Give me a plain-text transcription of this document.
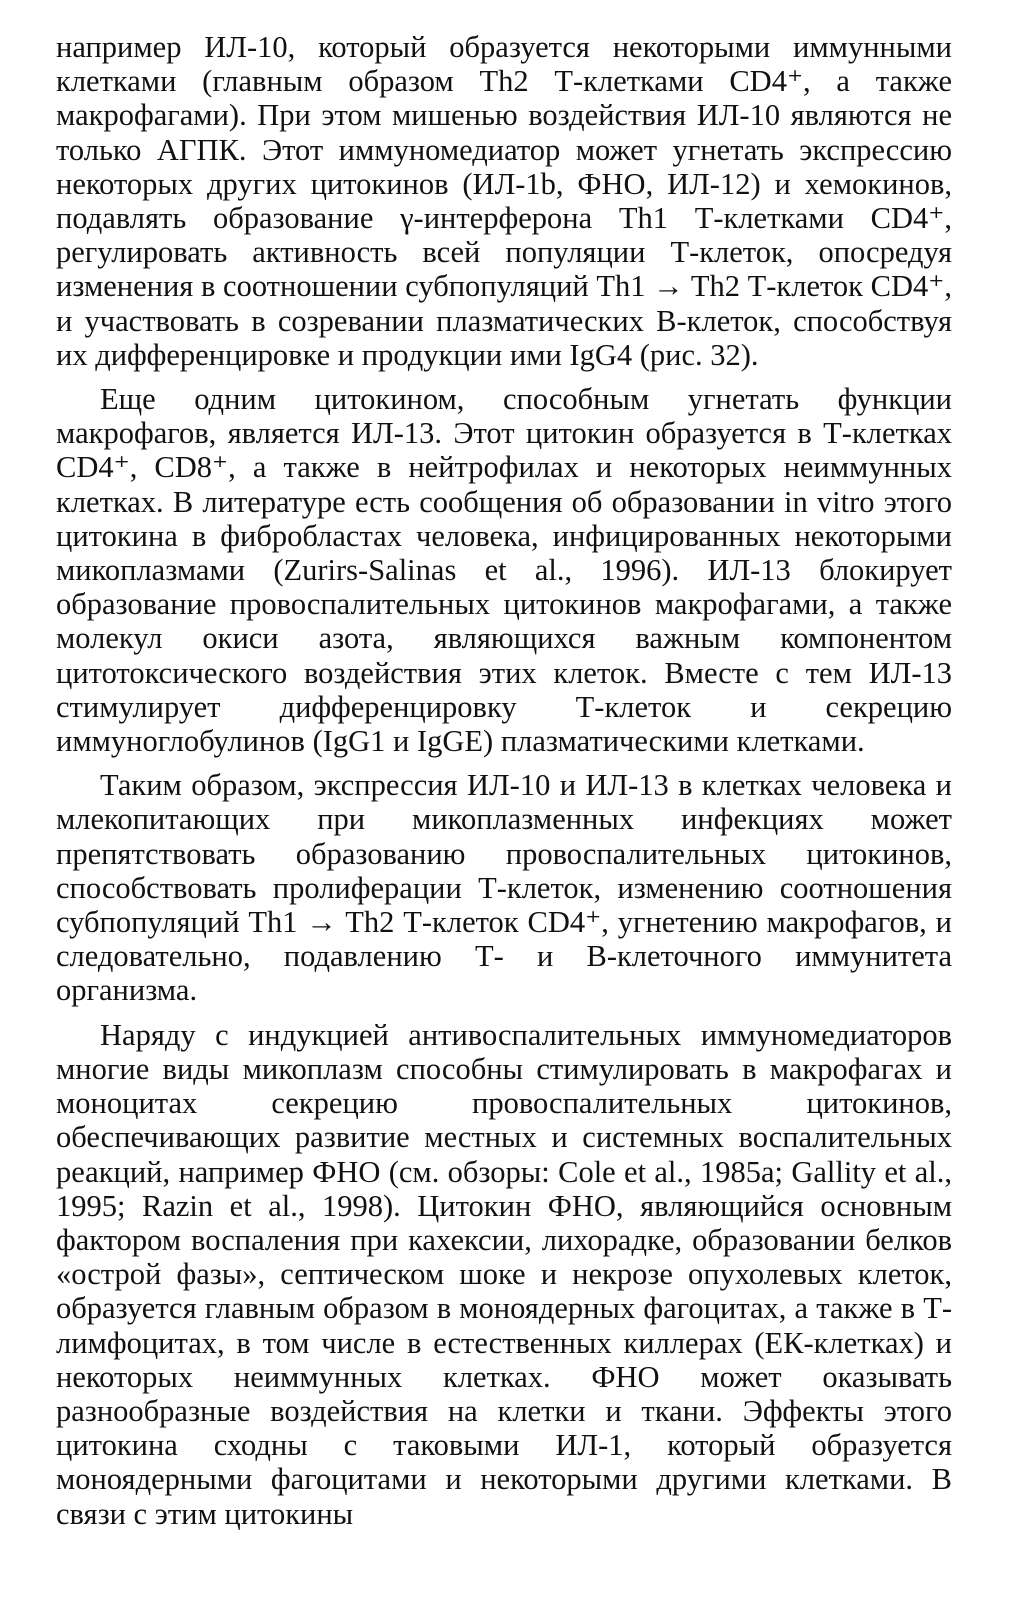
например ИЛ-10, который образуется некоторыми иммунными клетками (главным образом Th2 Т-клетками CD4⁺, а также макрофагами). При этом мишенью воздействия ИЛ-10 являются не только АГПК. Этот иммуномедиатор может угнетать экспрессию некоторых других цитокинов (ИЛ-1b, ФНО, ИЛ-12) и хемокинов, подавлять образование γ-интерферона Th1 Т-клетками CD4⁺, регулировать активность всей популяции Т-клеток, опосредуя изменения в соотношении субпопуляций Th1 → Th2 Т-клеток CD4⁺, и участвовать в созревании плазматических В-клеток, способствуя их дифференцировке и продукции ими IgG4 (рис. 32).

Еще одним цитокином, способным угнетать функции макрофагов, является ИЛ-13. Этот цитокин образуется в Т-клетках CD4⁺, CD8⁺, а также в нейтрофилах и некоторых неиммунных клетках. В литературе есть сообщения об образовании in vitro этого цитокина в фибробластах человека, инфицированных некоторыми микоплазмами (Zurirs-Salinas et al., 1996). ИЛ-13 блокирует образование провоспалительных цитокинов макрофагами, а также молекул окиси азота, являющихся важным компонентом цитотоксического воздействия этих клеток. Вместе с тем ИЛ-13 стимулирует дифференцировку Т-клеток и секрецию иммуноглобулинов (IgG1 и IgGE) плазматическими клетками.

Таким образом, экспрессия ИЛ-10 и ИЛ-13 в клетках человека и млекопитающих при микоплазменных инфекциях может препятствовать образованию провоспалительных цитокинов, способствовать пролиферации Т-клеток, изменению соотношения субпопуляций Th1 → Th2 Т-клеток CD4⁺, угнетению макрофагов, и следовательно, подавлению Т- и В-клеточного иммунитета организма.

Наряду с индукцией антивоспалительных иммуномедиаторов многие виды микоплазм способны стимулировать в макрофагах и моноцитах секрецию провоспалительных цитокинов, обеспечивающих развитие местных и системных воспалительных реакций, например ФНО (см. обзоры: Cole et al., 1985a; Gallity et al., 1995; Razin et al., 1998). Цитокин ФНО, являющийся основным фактором воспаления при кахексии, лихорадке, образовании белков «острой фазы», септическом шоке и некрозе опухолевых клеток, образуется главным образом в моноядерных фагоцитах, а также в Т-лимфоцитах, в том числе в естественных киллерах (ЕК-клетках) и некоторых неиммунных клетках. ФНО может оказывать разнообразные воздействия на клетки и ткани. Эффекты этого цитокина сходны с таковыми ИЛ-1, который образуется моноядерными фагоцитами и некоторыми другими клетками. В связи с этим цитокины
